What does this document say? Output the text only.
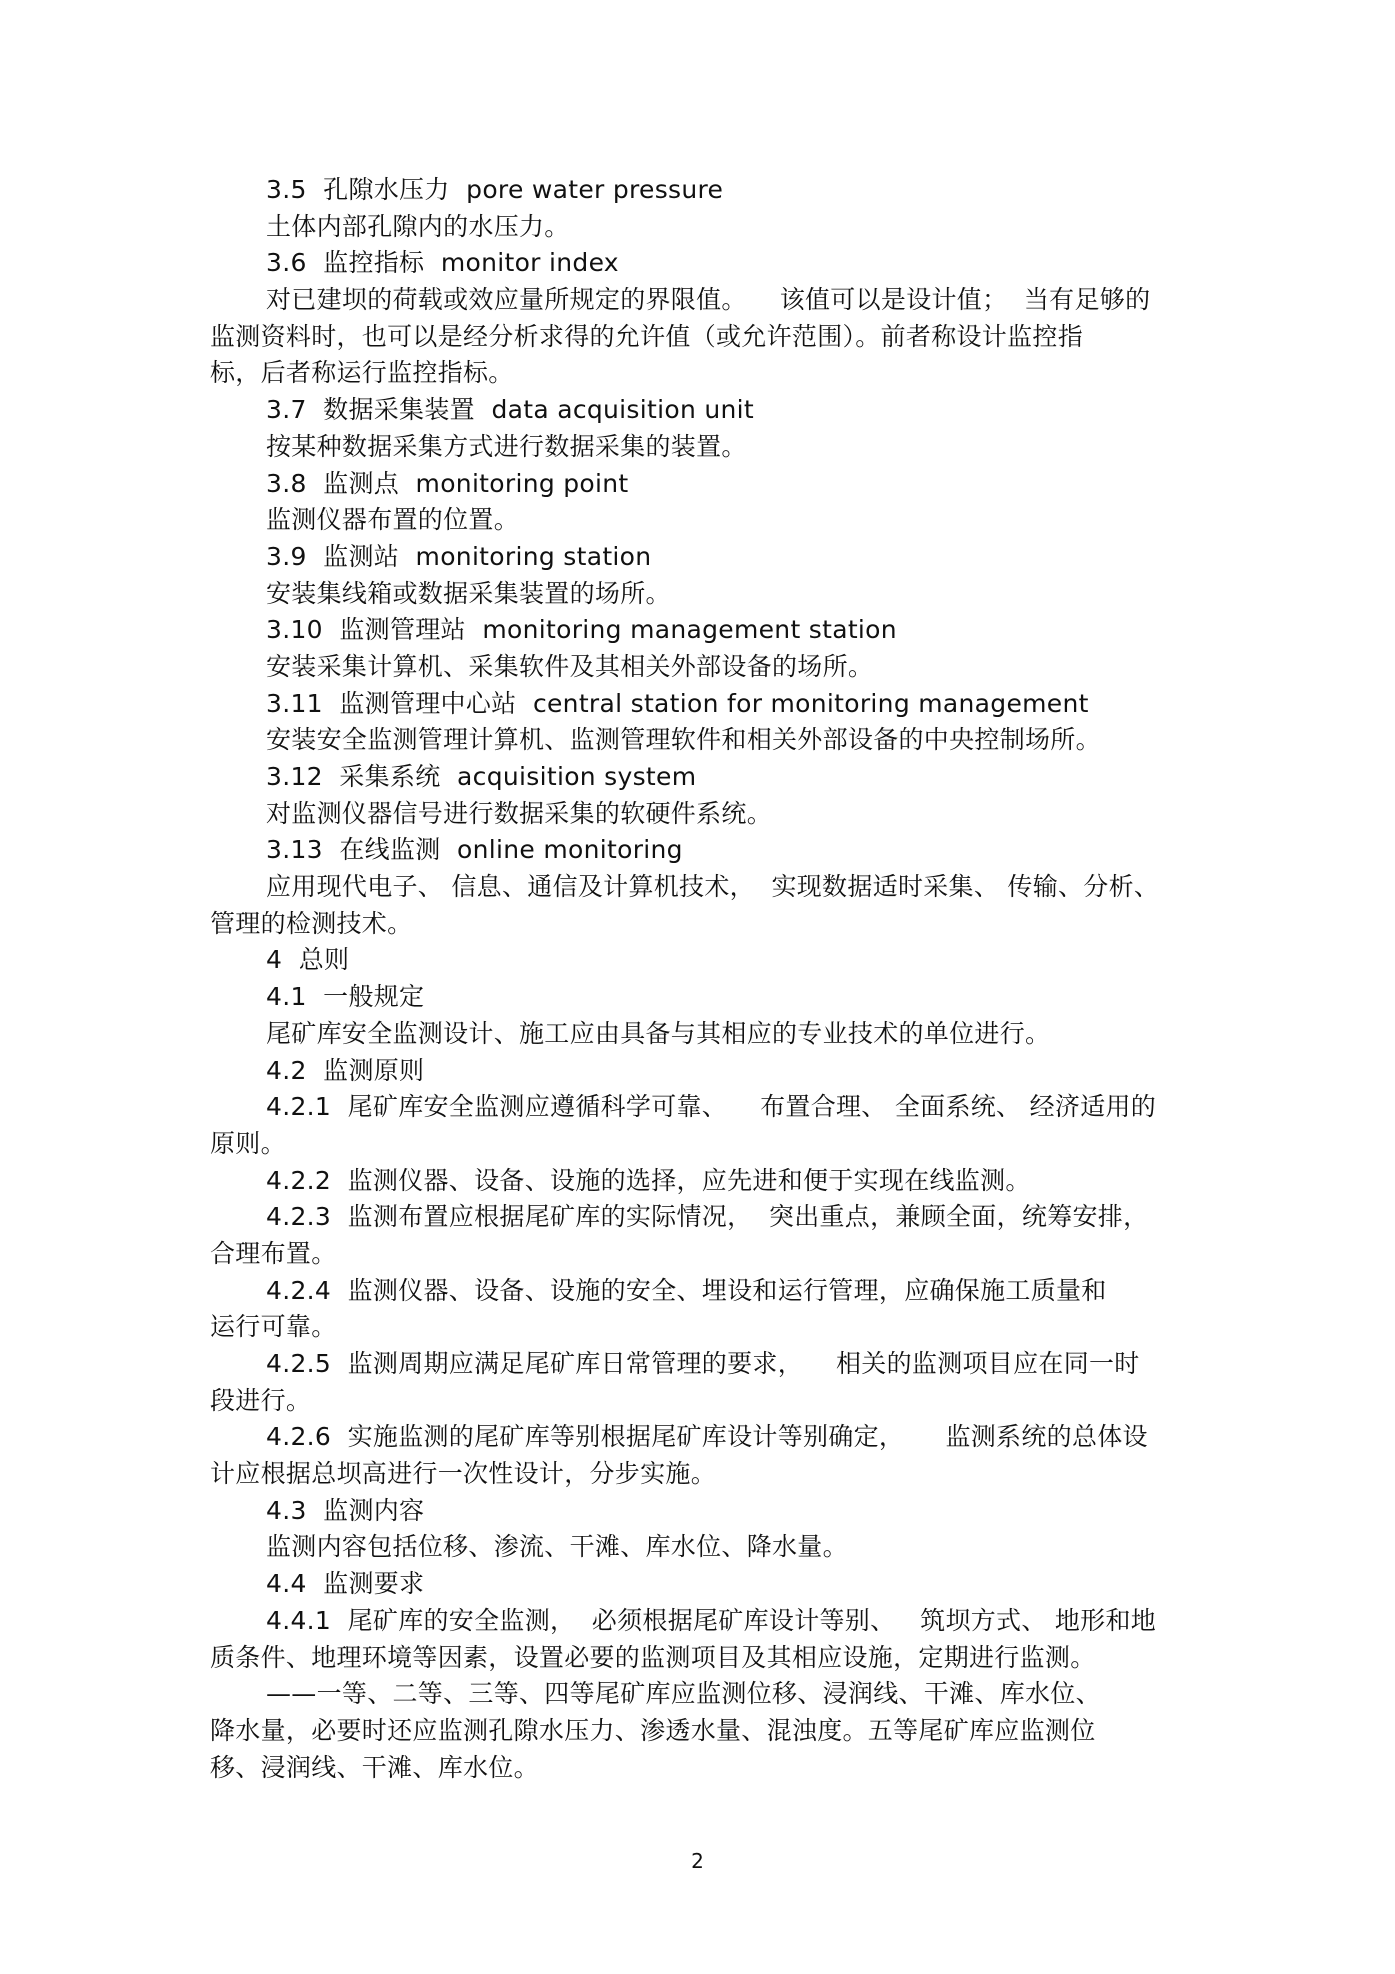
3.5  孔隙水压力  pore water pressure
土体内部孔隙内的水压力。
3.6  监控指标  monitor index
对已建坝的荷载或效应量所规定的界限值。    该值可以是设计值；  当有足够的
监测资料时，也可以是经分析求得的允许值（或允许范围）。前者称设计监控指
标，后者称运行监控指标。
3.7  数据采集装置  data acquisition unit
按某种数据采集方式进行数据采集的装置。
3.8  监测点  monitoring point
监测仪器布置的位置。
3.9  监测站  monitoring station
安装集线箱或数据采集装置的场所。
3.10  监测管理站  monitoring management station
安装采集计算机、采集软件及其相关外部设备的场所。
3.11  监测管理中心站  central station for monitoring management
安装安全监测管理计算机、监测管理软件和相关外部设备的中央控制场所。
3.12  采集系统  acquisition system
对监测仪器信号进行数据采集的软硬件系统。
3.13  在线监测  online monitoring
应用现代电子、 信息、通信及计算机技术，  实现数据适时采集、 传输、分析、
管理的检测技术。
4  总则
4.1  一般规定
尾矿库安全监测设计、施工应由具备与其相应的专业技术的单位进行。
4.2  监测原则
4.2.1  尾矿库安全监测应遵循科学可靠、    布置合理、 全面系统、 经济适用的
原则。
4.2.2  监测仪器、设备、设施的选择，应先进和便于实现在线监测。
4.2.3  监测布置应根据尾矿库的实际情况，  突出重点，兼顾全面，统筹安排，
合理布置。
4.2.4  监测仪器、设备、设施的安全、埋设和运行管理，应确保施工质量和
运行可靠。
4.2.5  监测周期应满足尾矿库日常管理的要求，    相关的监测项目应在同一时
段进行。
4.2.6  实施监测的尾矿库等别根据尾矿库设计等别确定，     监测系统的总体设
计应根据总坝高进行一次性设计，分步实施。
4.3  监测内容
监测内容包括位移、渗流、干滩、库水位、降水量。
4.4  监测要求
4.4.1  尾矿库的安全监测，  必须根据尾矿库设计等别、   筑坝方式、 地形和地
质条件、地理环境等因素，设置必要的监测项目及其相应设施，定期进行监测。
——一等、二等、三等、四等尾矿库应监测位移、浸润线、干滩、库水位、
降水量，必要时还应监测孔隙水压力、渗透水量、混浊度。五等尾矿库应监测位
移、浸润线、干滩、库水位。
2
